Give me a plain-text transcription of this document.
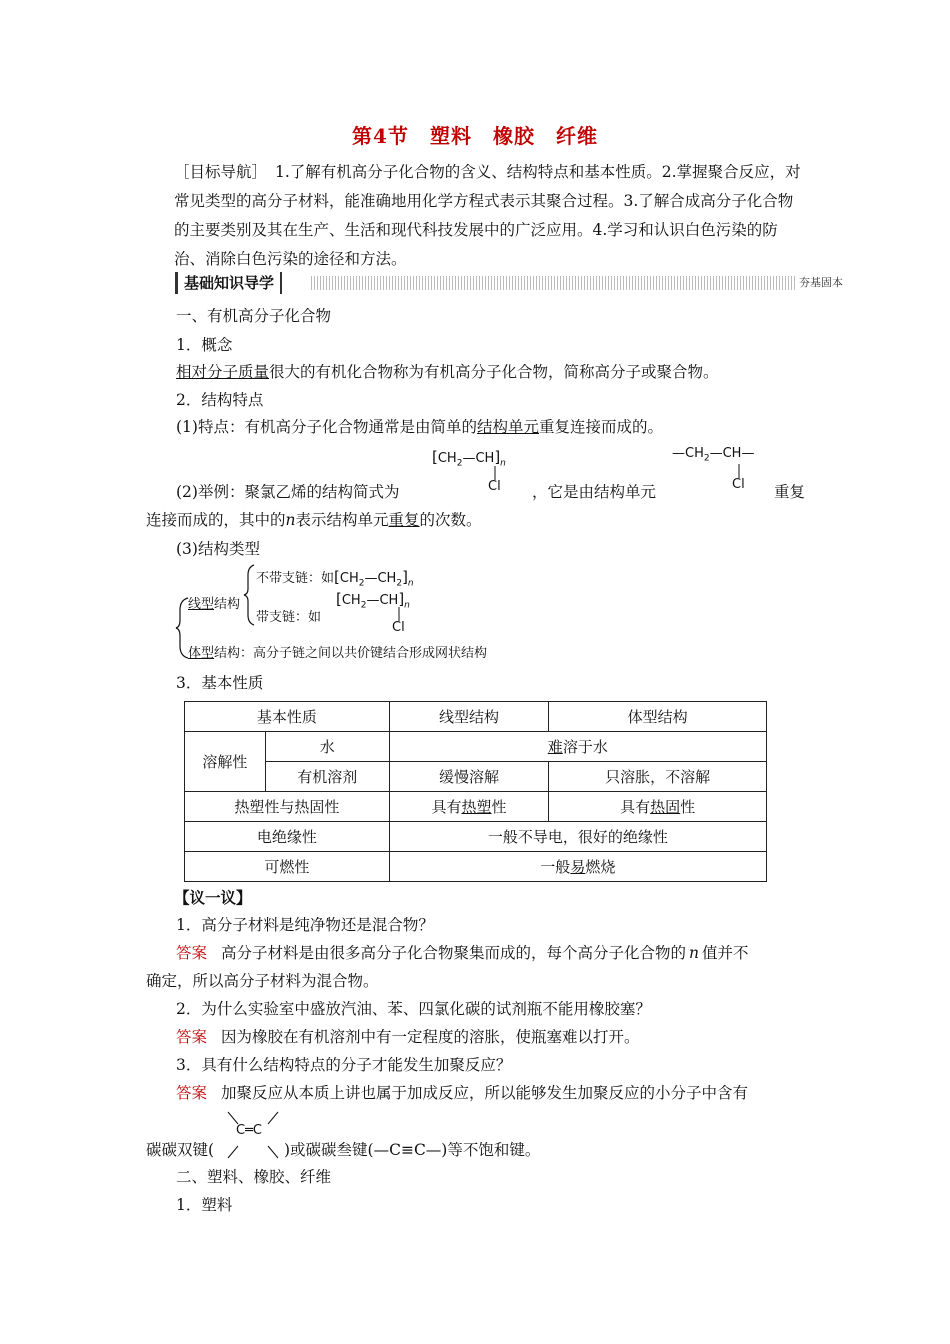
第4节　塑料　橡胶　纤维
［目标导航］ 1.了解有机高分子化合物的含义、结构特点和基本性质。2.掌握聚合反应，对常见类型的高分子材料，能准确地用化学方程式表示其聚合过程。3.了解合成高分子化合物的主要类别及其在生产、生活和现代科技发展中的广泛应用。4.学习和认识白色污染的防治、消除白色污染的途径和方法。
基础知识导学	夯基固本
一、有机高分子化合物
1．概念
相对分子质量很大的有机化合物称为有机高分子化合物，简称高分子或聚合物。
2．结构特点
(1)特点：有机高分子化合物通常是由简单的结构单元重复连接而成的。
$[CH_2—CH]_n$
Cl
$—CH_2—CH—$
Cl
(2)举例：聚氯乙烯的结构简式为	，它是由结构单元	重复
连接而成的，其中的n表示结构单元重复的次数。
(3)结构类型
线型结构
不带支链：如$[CH_2—CH_2]_n$
$[CH_2—CH]_n$
带支链：如
Cl
体型结构：高分子链之间以共价键结合形成网状结构
3．基本性质
基本性质		线型结构	体型结构
溶解性	水	难溶于水	
	有机溶剂	缓慢溶解	只溶胀，不溶解
热塑性与热固性		具有热塑性	具有热固性
电绝缘性		一般不导电，很好的绝缘性	
可燃性		一般易燃烧	
【议一议】
1．高分子材料是纯净物还是混合物？
答案 高分子材料是由很多高分子化合物聚集而成的，每个高分子化合物的 n 值并不
确定，所以高分子材料为混合物。
2．为什么实验室中盛放汽油、苯、四氯化碳的试剂瓶不能用橡胶塞？
答案 因为橡胶在有机溶剂中有一定程度的溶胀，使瓶塞难以打开。
3．具有什么结构特点的分子才能发生加聚反应？
答案 加聚反应从本质上讲也属于加成反应，所以能够发生加聚反应的小分子中含有
C═C
碳碳双键(	)或碳碳叁键(—C≡C—)等不饱和键。
二、塑料、橡胶、纤维
1．塑料
